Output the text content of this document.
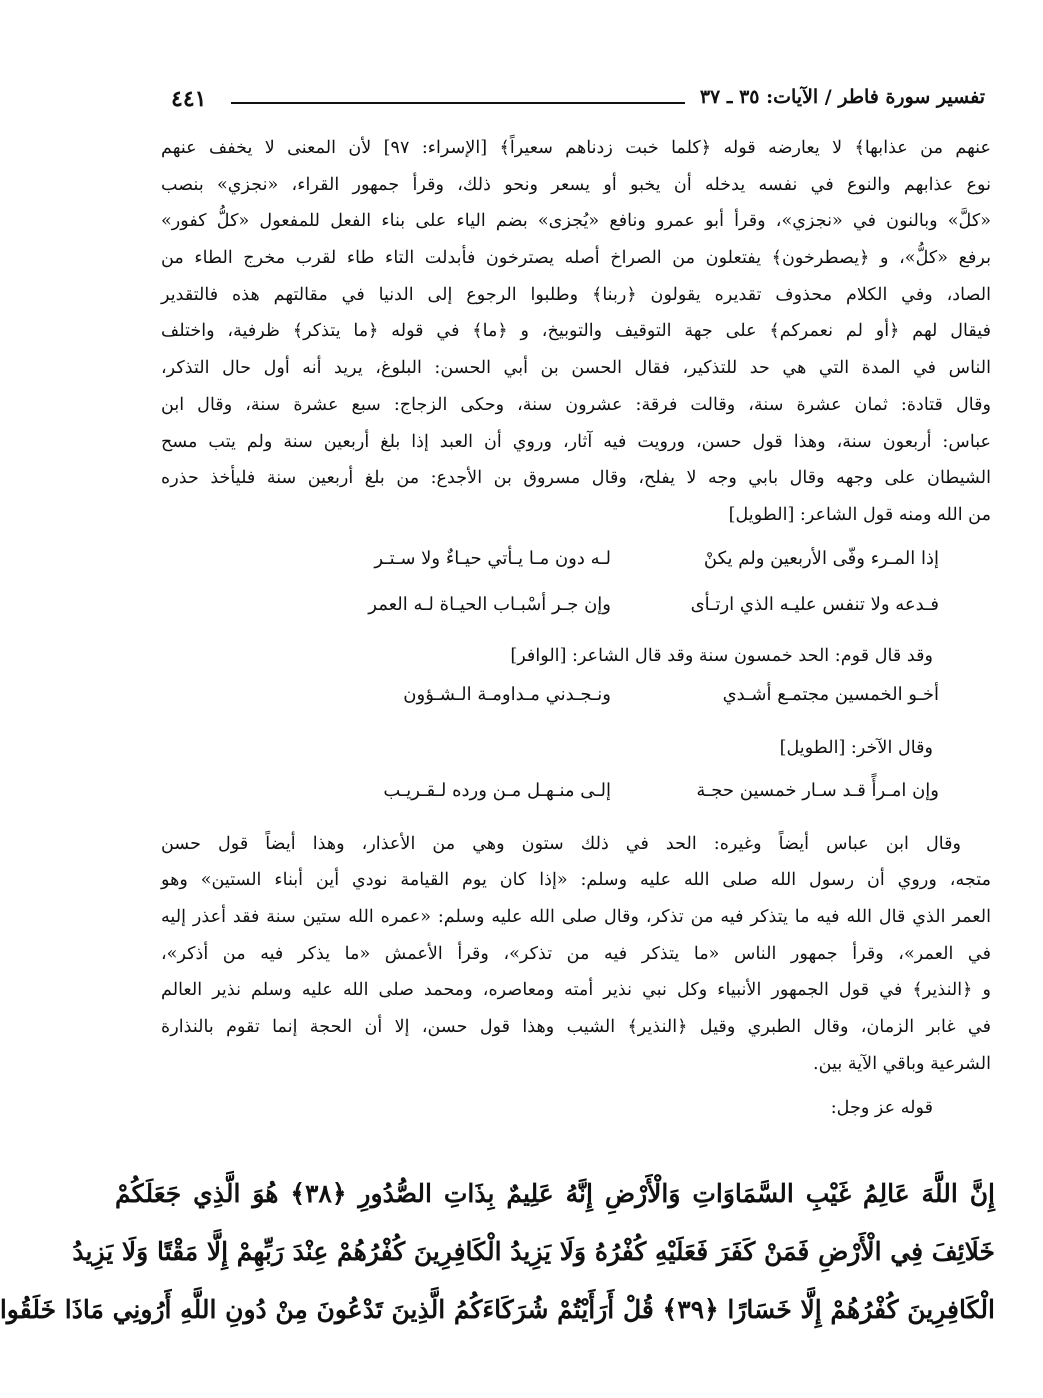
٤٤١	تفسير سورة فاطر / الآيات: ٣٥ ـ ٣٧
عنهم من عذابها﴾ لا يعارضه قوله ﴿كلما خبت زدناهم سعيراً﴾ [الإسراء: ٩٧] لأن المعنى لا يخفف عنهم
نوع عذابهم والنوع في نفسه يدخله أن يخبو أو يسعر ونحو ذلك، وقرأ جمهور القراء، «نجزي» بنصب
«كلَّ» وبالنون في «نجزي»، وقرأ أبو عمرو ونافع «يُجزى» بضم الياء على بناء الفعل للمفعول «كلُّ كفور»
برفع «كلُّ»، و ﴿يصطرخون﴾ يفتعلون من الصراخ أصله يصترخون فأبدلت التاء طاء لقرب مخرج الطاء من
الصاد، وفي الكلام محذوف تقديره يقولون ﴿ربنا﴾ وطلبوا الرجوع إلى الدنيا في مقالتهم هذه فالتقدير
فيقال لهم ﴿أو لم نعمركم﴾ على جهة التوقيف والتوبيخ، و ﴿ما﴾ في قوله ﴿ما يتذكر﴾ ظرفية، واختلف
الناس في المدة التي هي حد للتذكير، فقال الحسن بن أبي الحسن: البلوغ، يريد أنه أول حال التذكر،
وقال قتادة: ثمان عشرة سنة، وقالت فرقة: عشرون سنة، وحكى الزجاج: سبع عشرة سنة، وقال ابن
عباس: أربعون سنة، وهذا قول حسن، ورويت فيه آثار، وروي أن العبد إذا بلغ أربعين سنة ولم يتب مسح
الشيطان على وجهه وقال بابي وجه لا يفلح، وقال مسروق بن الأجدع: من بلغ أربعين سنة فليأخذ حذره
من الله ومنه قول الشاعر: [الطويل]
إذا المـرء وفّى الأربعين ولم يكنْ
لـه دون مـا يـأتي حيـاءٌ ولا سـتـر
فـدعه ولا تنفس عليـه الذي ارتـأى
وإن جـر أسْبـاب الحيـاة لـه العمر
وقد قال قوم: الحد خمسون سنة وقد قال الشاعر: [الوافر]
أخـو الخمسين مجتمـع أشـدي
ونـجـدني مـداومـة الـشـؤون
وقال الآخر: [الطويل]
وإن امـرأً قـد سـار خمسين حجـة
إلـى منـهـل مـن ورده لـقـريـب
وقال ابن عباس أيضاً وغيره: الحد في ذلك ستون وهي من الأعذار، وهذا أيضاً قول حسن
متجه، وروي أن رسول الله صلى الله عليه وسلم: «إذا كان يوم القيامة نودي أين أبناء الستين» وهو
العمر الذي قال الله فيه ما يتذكر فيه من تذكر، وقال صلى الله عليه وسلم: «عمره الله ستين سنة فقد أعذر إليه
في العمر»، وقرأ جمهور الناس «ما يتذكر فيه من تذكر»، وقرأ الأعمش «ما يذكر فيه من أذكر»،
و ﴿النذير﴾ في قول الجمهور الأنبياء وكل نبي نذير أمته ومعاصره، ومحمد صلى الله عليه وسلم نذير العالم
في غابر الزمان، وقال الطبري وقيل ﴿النذير﴾ الشيب وهذا قول حسن، إلا أن الحجة إنما تقوم بالنذارة
الشرعية وباقي الآية بين.
قوله عز وجل:
إِنَّ اللَّهَ عَالِمُ غَيْبِ السَّمَاوَاتِ وَالْأَرْضِ إِنَّهُ عَلِيمٌ بِذَاتِ الصُّدُورِ ﴿٣٨﴾ هُوَ الَّذِي جَعَلَكُمْ
خَلَائِفَ فِي الْأَرْضِ فَمَنْ كَفَرَ فَعَلَيْهِ كُفْرُهُ وَلَا يَزِيدُ الْكَافِرِينَ كُفْرُهُمْ عِنْدَ رَبِّهِمْ إِلَّا مَقْتًا وَلَا يَزِيدُ
الْكَافِرِينَ كُفْرُهُمْ إِلَّا خَسَارًا ﴿٣٩﴾ قُلْ أَرَأَيْتُمْ شُرَكَاءَكُمُ الَّذِينَ تَدْعُونَ مِنْ دُونِ اللَّهِ أَرُونِي مَاذَا خَلَقُوا
